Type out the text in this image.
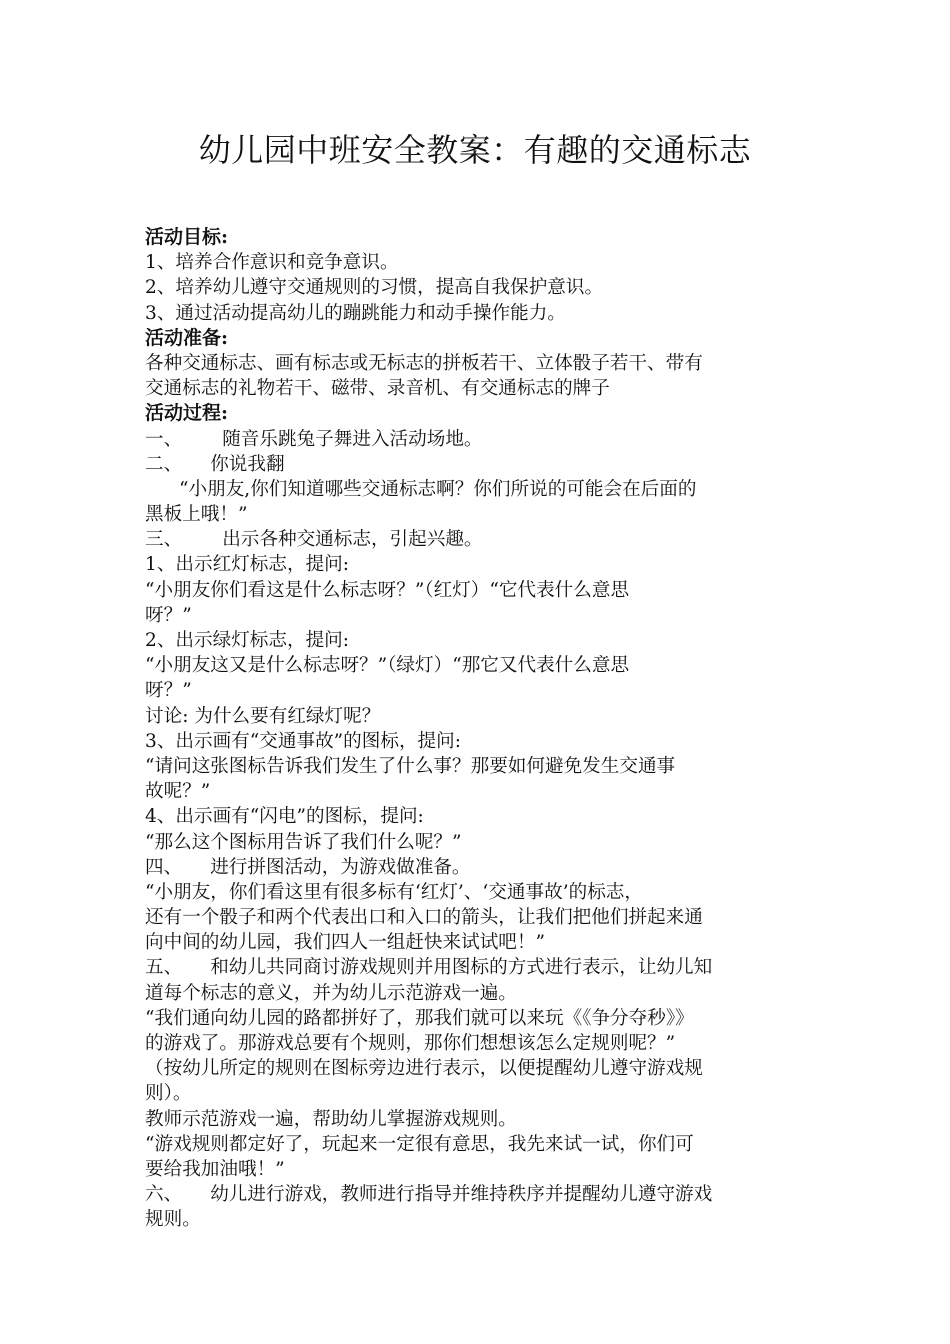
幼儿园中班安全教案：有趣的交通标志
活动目标:
1、培养合作意识和竞争意识。
2、培养幼儿遵守交通规则的习惯，提高自我保护意识。
3、通过活动提高幼儿的蹦跳能力和动手操作能力。
活动准备:
各种交通标志、画有标志或无标志的拼板若干、立体骰子若干、带有
交通标志的礼物若干、磁带、录音机、有交通标志的牌子
活动过程:
一、 随音乐跳兔子舞进入活动场地。
二、 你说我翻
“小朋友,你们知道哪些交通标志啊？你们所说的可能会在后面的
黑板上哦！”
三、 出示各种交通标志，引起兴趣。
1、出示红灯标志，提问:
“小朋友你们看这是什么标志呀？”（红灯）“它代表什么意思
呀？”
2、出示绿灯标志，提问:
“小朋友这又是什么标志呀？”（绿灯）“那它又代表什么意思
呀？”
讨论: 为什么要有红绿灯呢？
3、出示画有“交通事故”的图标，提问:
“请问这张图标告诉我们发生了什么事？那要如何避免发生交通事
故呢？”
4、出示画有“闪电”的图标，提问:
“那么这个图标用告诉了我们什么呢？”
四、 进行拼图活动，为游戏做准备。
“小朋友，你们看这里有很多标有‘红灯’、‘交通事故’的标志，
还有一个骰子和两个代表出口和入口的箭头，让我们把他们拼起来通
向中间的幼儿园，我们四人一组赶快来试试吧！”
五、 和幼儿共同商讨游戏规则并用图标的方式进行表示，让幼儿知
道每个标志的意义，并为幼儿示范游戏一遍。
“我们通向幼儿园的路都拼好了，那我们就可以来玩《《争分夺秒》》
的游戏了。那游戏总要有个规则，那你们想想该怎么定规则呢？”
（按幼儿所定的规则在图标旁边进行表示，以便提醒幼儿遵守游戏规
则）。
教师示范游戏一遍，帮助幼儿掌握游戏规则。
“游戏规则都定好了，玩起来一定很有意思，我先来试一试，你们可
要给我加油哦！”
六、 幼儿进行游戏，教师进行指导并维持秩序并提醒幼儿遵守游戏
规则。
